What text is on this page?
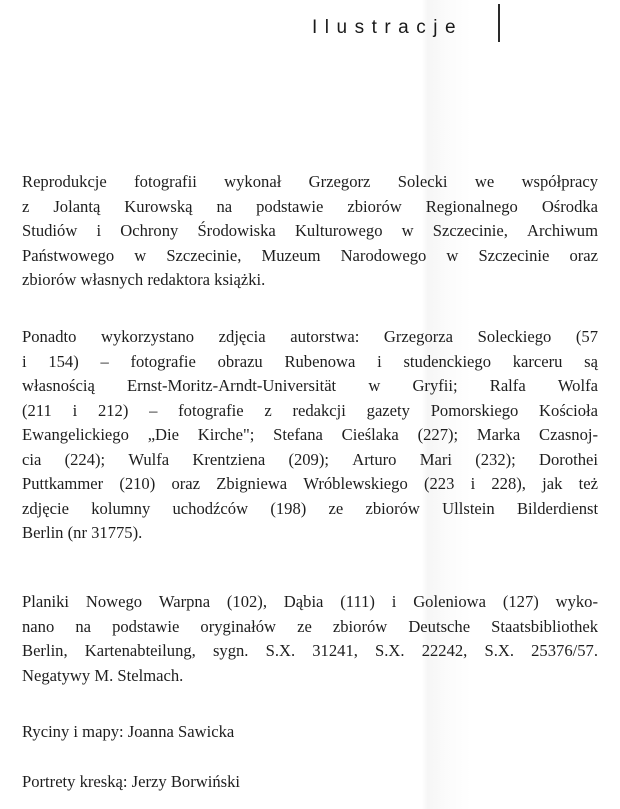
Ilustracje
Reprodukcje fotografii wykonał Grzegorz Solecki we współpracy
z Jolantą Kurowską na podstawie zbiorów Regionalnego Ośrodka
Studiów i Ochrony Środowiska Kulturowego w Szczecinie, Archiwum
Państwowego w Szczecinie, Muzeum Narodowego w Szczecinie oraz
zbiorów własnych redaktora książki.
Ponadto wykorzystano zdjęcia autorstwa: Grzegorza Soleckiego (57
i 154) – fotografie obrazu Rubenowa i studenckiego karceru są
własnością Ernst-Moritz-Arndt-Universität w Gryfii; Ralfa Wolfa
(211 i 212) – fotografie z redakcji gazety Pomorskiego Kościoła
Ewangelickiego „Die Kirche"; Stefana Cieślaka (227); Marka Czasnoj-
cia (224); Wulfa Krentziena (209); Arturo Mari (232); Dorothei
Puttkammer (210) oraz Zbigniewa Wróblewskiego (223 i 228), jak też
zdjęcie kolumny uchodźców (198) ze zbiorów Ullstein Bilderdienst
Berlin (nr 31775).
Planiki Nowego Warpna (102), Dąbia (111) i Goleniowa (127) wyko-
nano na podstawie oryginałów ze zbiorów Deutsche Staatsbibliothek
Berlin, Kartenabteilung, sygn. S.X. 31241, S.X. 22242, S.X. 25376/57.
Negatywy M. Stelmach.
Ryciny i mapy: Joanna Sawicka
Portrety kreską: Jerzy Borwiński
